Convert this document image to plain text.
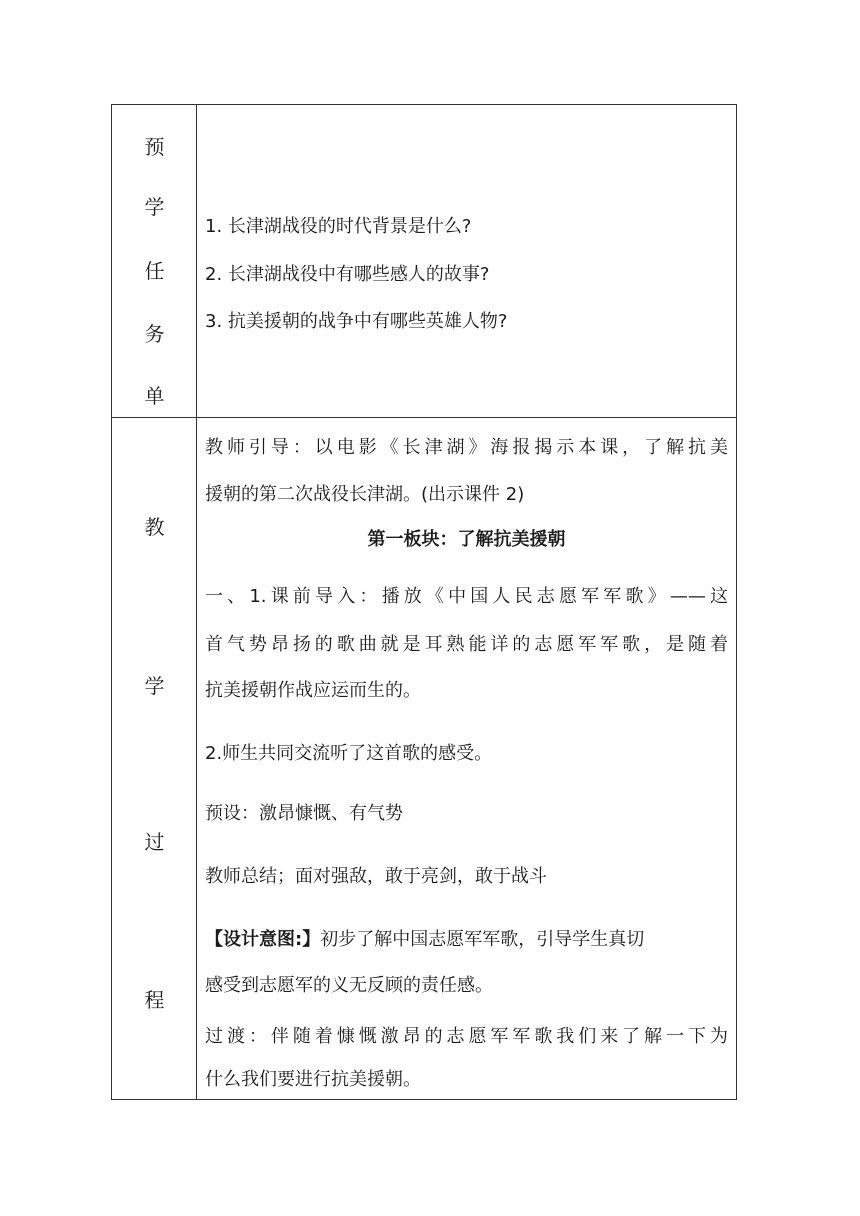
预
学
任
务
单
1. 长津湖战役的时代背景是什么?
2. 长津湖战役中有哪些感人的故事?
3. 抗美援朝的战争中有哪些英雄人物?
教
学
过
程
教师引导：以电影《长津湖》海报揭示本课，了解抗美
援朝的第二次战役长津湖。(出示课件 2)
第一板块：了解抗美援朝
一、1.课前导入：播放《中国人民志愿军军歌》——这
首气势昂扬的歌曲就是耳熟能详的志愿军军歌，是随着
抗美援朝作战应运而生的。
2.师生共同交流听了这首歌的感受。
预设：激昂慷慨、有气势
教师总结；面对强敌，敢于亮剑，敢于战斗
【设计意图:】初步了解中国志愿军军歌，引导学生真切
感受到志愿军的义无反顾的责任感。
过渡：伴随着慷慨激昂的志愿军军歌我们来了解一下为
什么我们要进行抗美援朝。
